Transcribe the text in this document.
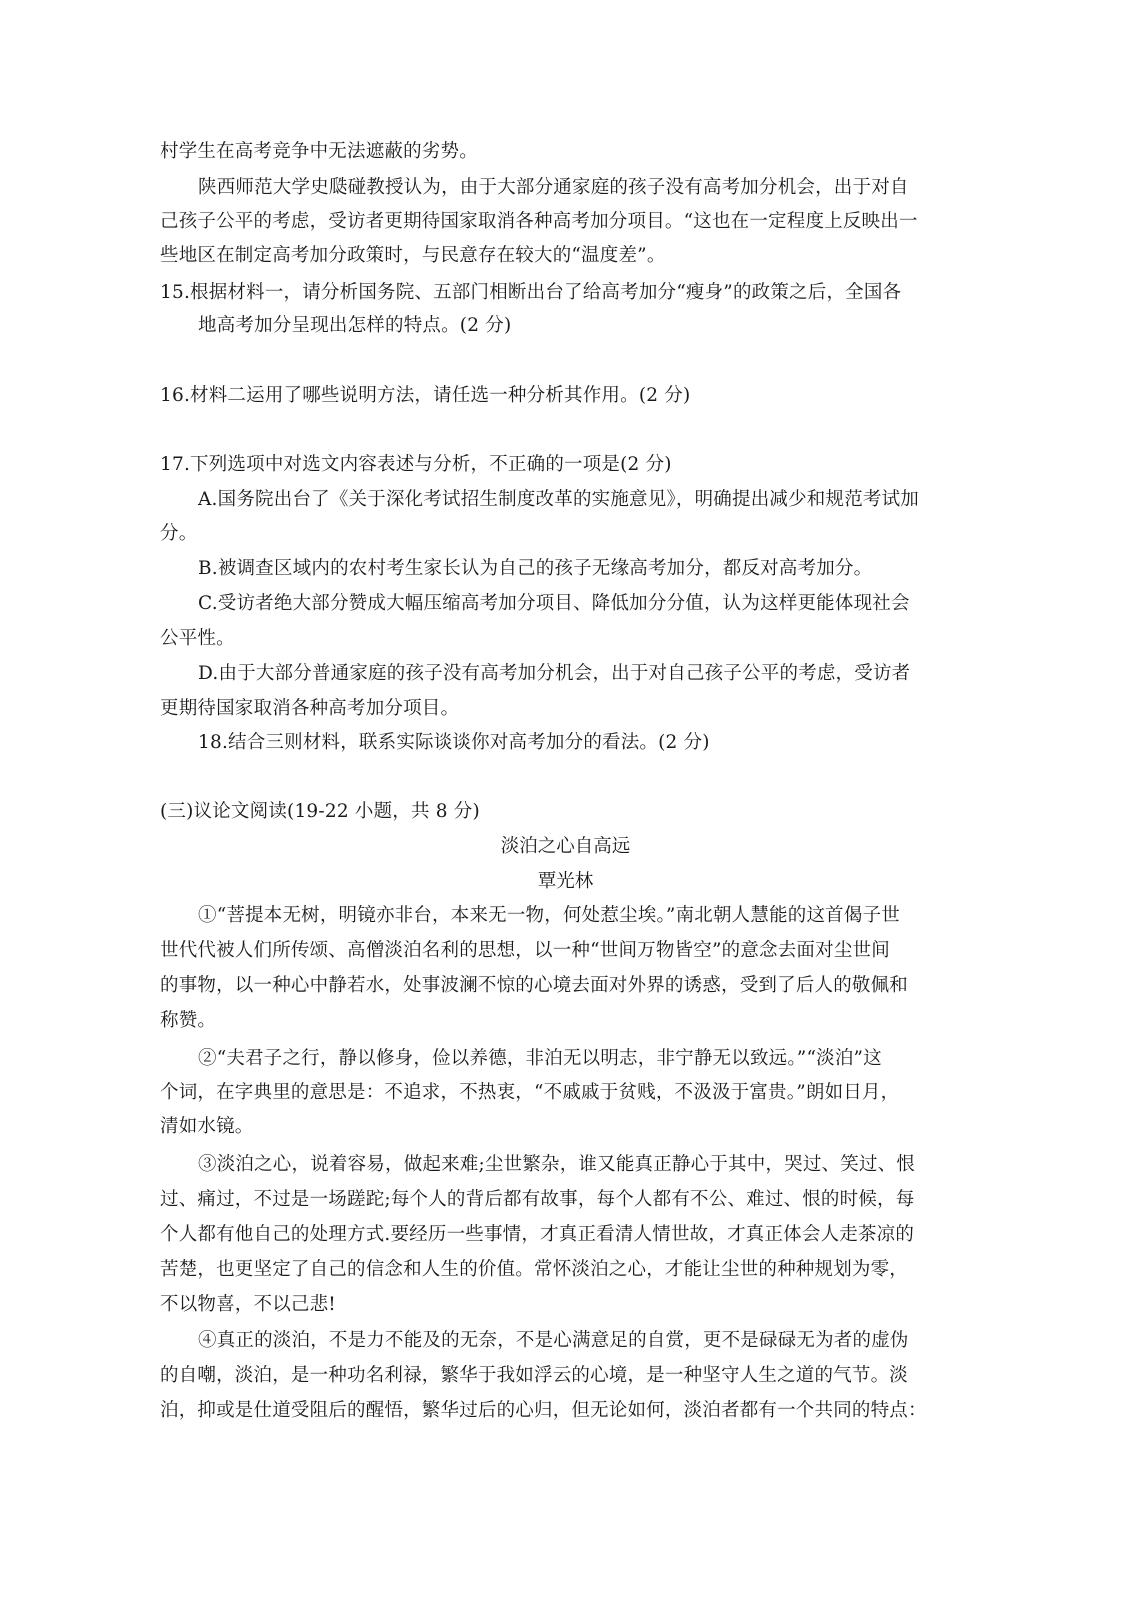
村学生在高考竞争中无法遮蔽的劣势。
陕西师范大学史瓞碰教授认为，由于大部分通家庭的孩子没有高考加分机会，出于对自
己孩子公平的考虑，受访者更期待国家取消各种高考加分项目。“这也在一定程度上反映出一
些地区在制定高考加分政策时，与民意存在较大的“温度差”。
15.根据材料一，请分析国务院、五部门相断出台了给高考加分“瘦身”的政策之后，全国各
地高考加分呈现出怎样的特点。(2 分)
16.材料二运用了哪些说明方法，请任选一种分析其作用。(2 分)
17.下列选项中对选文内容表述与分析，不正确的一项是(2 分)
A.国务院出台了《关于深化考试招生制度改革的实施意见》，明确提出减少和规范考试加
分。
B.被调查区域内的农村考生家长认为自己的孩子无缘高考加分，都反对高考加分。
C.受访者绝大部分赞成大幅压缩高考加分项目、降低加分分值，认为这样更能体现社会
公平性。
D.由于大部分普通家庭的孩子没有高考加分机会，出于对自己孩子公平的考虑，受访者
更期待国家取消各种高考加分项目。
18.结合三则材料，联系实际谈谈你对高考加分的看法。(2 分)
(三)议论文阅读(19-22 小题，共 8 分)
淡泊之心自高远
覃光林
①“菩提本无树，明镜亦非台，本来无一物，何处惹尘埃。”南北朝人慧能的这首偈子世
世代代被人们所传颂、高僧淡泊名利的思想，以一种“世间万物皆空”的意念去面对尘世间
的事物，以一种心中静若水，处事波澜不惊的心境去面对外界的诱惑，受到了后人的敬佩和
称赞。
②“夫君子之行，静以修身，俭以养德，非泊无以明志，非宁静无以致远。”“淡泊”这
个词，在字典里的意思是：不追求，不热衷，“不戚戚于贫贱，不汲汲于富贵。”朗如日月，
清如水镜。
③淡泊之心，说着容易，做起来难;尘世繁杂，谁又能真正静心于其中，哭过、笑过、恨
过、痛过，不过是一场蹉跎;每个人的背后都有故事，每个人都有不公、难过、恨的时候，每
个人都有他自己的处理方式.要经历一些事情，才真正看清人情世故，才真正体会人走茶凉的
苦楚，也更坚定了自己的信念和人生的价值。常怀淡泊之心，才能让尘世的种种规划为零，
不以物喜，不以己悲!
④真正的淡泊，不是力不能及的无奈，不是心满意足的自赏，更不是碌碌无为者的虚伪
的自嘲，淡泊，是一种功名利禄，繁华于我如浮云的心境，是一种坚守人生之道的气节。淡
泊，抑或是仕道受阻后的醒悟，繁华过后的心归，但无论如何，淡泊者都有一个共同的特点：
